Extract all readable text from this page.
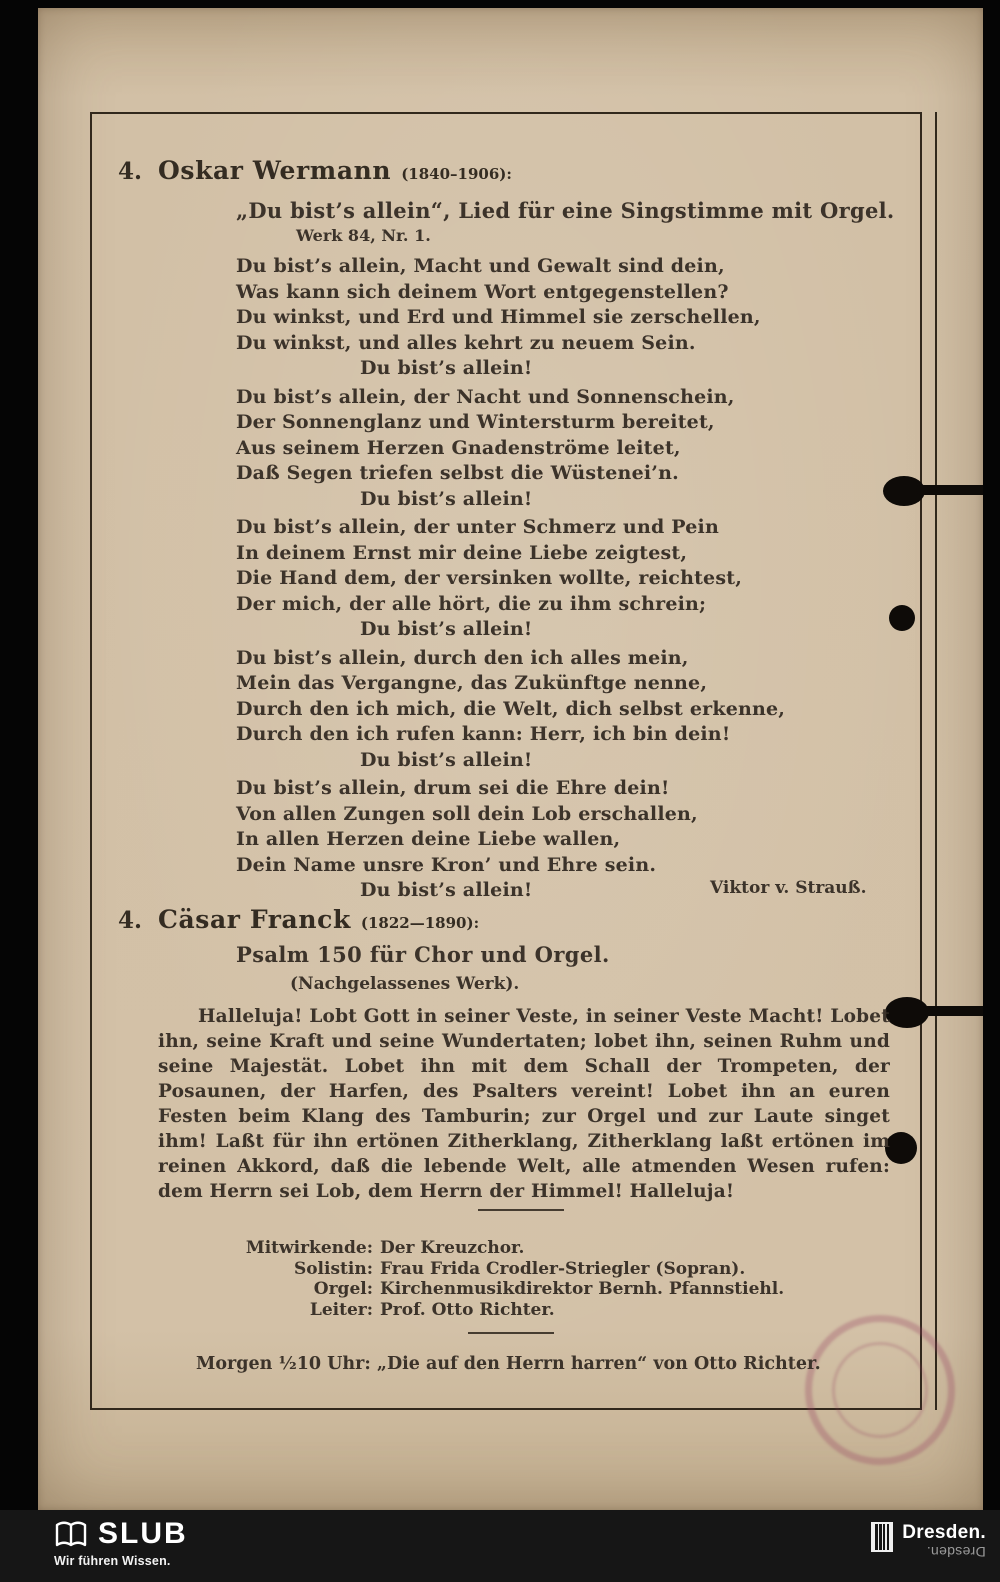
4. Oskar Wermann (1840–1906):
„Du bist’s allein“, Lied für eine Singstimme mit Orgel.
Werk 84, Nr. 1.
Du bist’s allein, Macht und Gewalt sind dein,
Was kann sich deinem Wort entgegenstellen?
Du winkst, und Erd und Himmel sie zerschellen,
Du winkst, und alles kehrt zu neuem Sein.
Du bist’s allein!
Du bist’s allein, der Nacht und Sonnenschein,
Der Sonnenglanz und Wintersturm bereitet,
Aus seinem Herzen Gnadenströme leitet,
Daß Segen triefen selbst die Wüstenei’n.
Du bist’s allein!
Du bist’s allein, der unter Schmerz und Pein
In deinem Ernst mir deine Liebe zeigtest,
Die Hand dem, der versinken wollte, reichtest,
Der mich, der alle hört, die zu ihm schrein;
Du bist’s allein!
Du bist’s allein, durch den ich alles mein,
Mein das Vergangne, das Zukünftge nenne,
Durch den ich mich, die Welt, dich selbst erkenne,
Durch den ich rufen kann: Herr, ich bin dein!
Du bist’s allein!
Du bist’s allein, drum sei die Ehre dein!
Von allen Zungen soll dein Lob erschallen,
In allen Herzen deine Liebe wallen,
Dein Name unsre Kron’ und Ehre sein.
Du bist’s allein!	Viktor v. Strauß.
4. Cäsar Franck (1822—1890):
Psalm 150 für Chor und Orgel.
(Nachgelassenes Werk).

Halleluja! Lobt Gott in seiner Veste, in seiner Veste Macht! Lobet ihn, seine Kraft und seine Wundertaten; lobet ihn, seinen Ruhm und seine Majestät. Lobet ihn mit dem Schall der Trompeten, der Posaunen, der Harfen, des Psalters vereint! Lobet ihn an euren Festen beim Klang des Tamburin; zur Orgel und zur Laute singet ihm! Laßt für ihn ertönen Zitherklang, Zitherklang laßt ertönen im reinen Akkord, daß die lebende Welt, alle atmenden Wesen rufen: dem Herrn sei Lob, dem Herrn der Himmel! Halleluja!

Mitwirkende: Der Kreuzchor.
Solistin: Frau Frida Crodler-Striegler (Sopran).
Orgel: Kirchenmusikdirektor Bernh. Pfannstiehl.
Leiter: Prof. Otto Richter.
Morgen ½10 Uhr: „Die auf den Herrn harren“ von Otto Richter.
SLUB
Wir führen Wissen.
Dresden.
Dresden.
